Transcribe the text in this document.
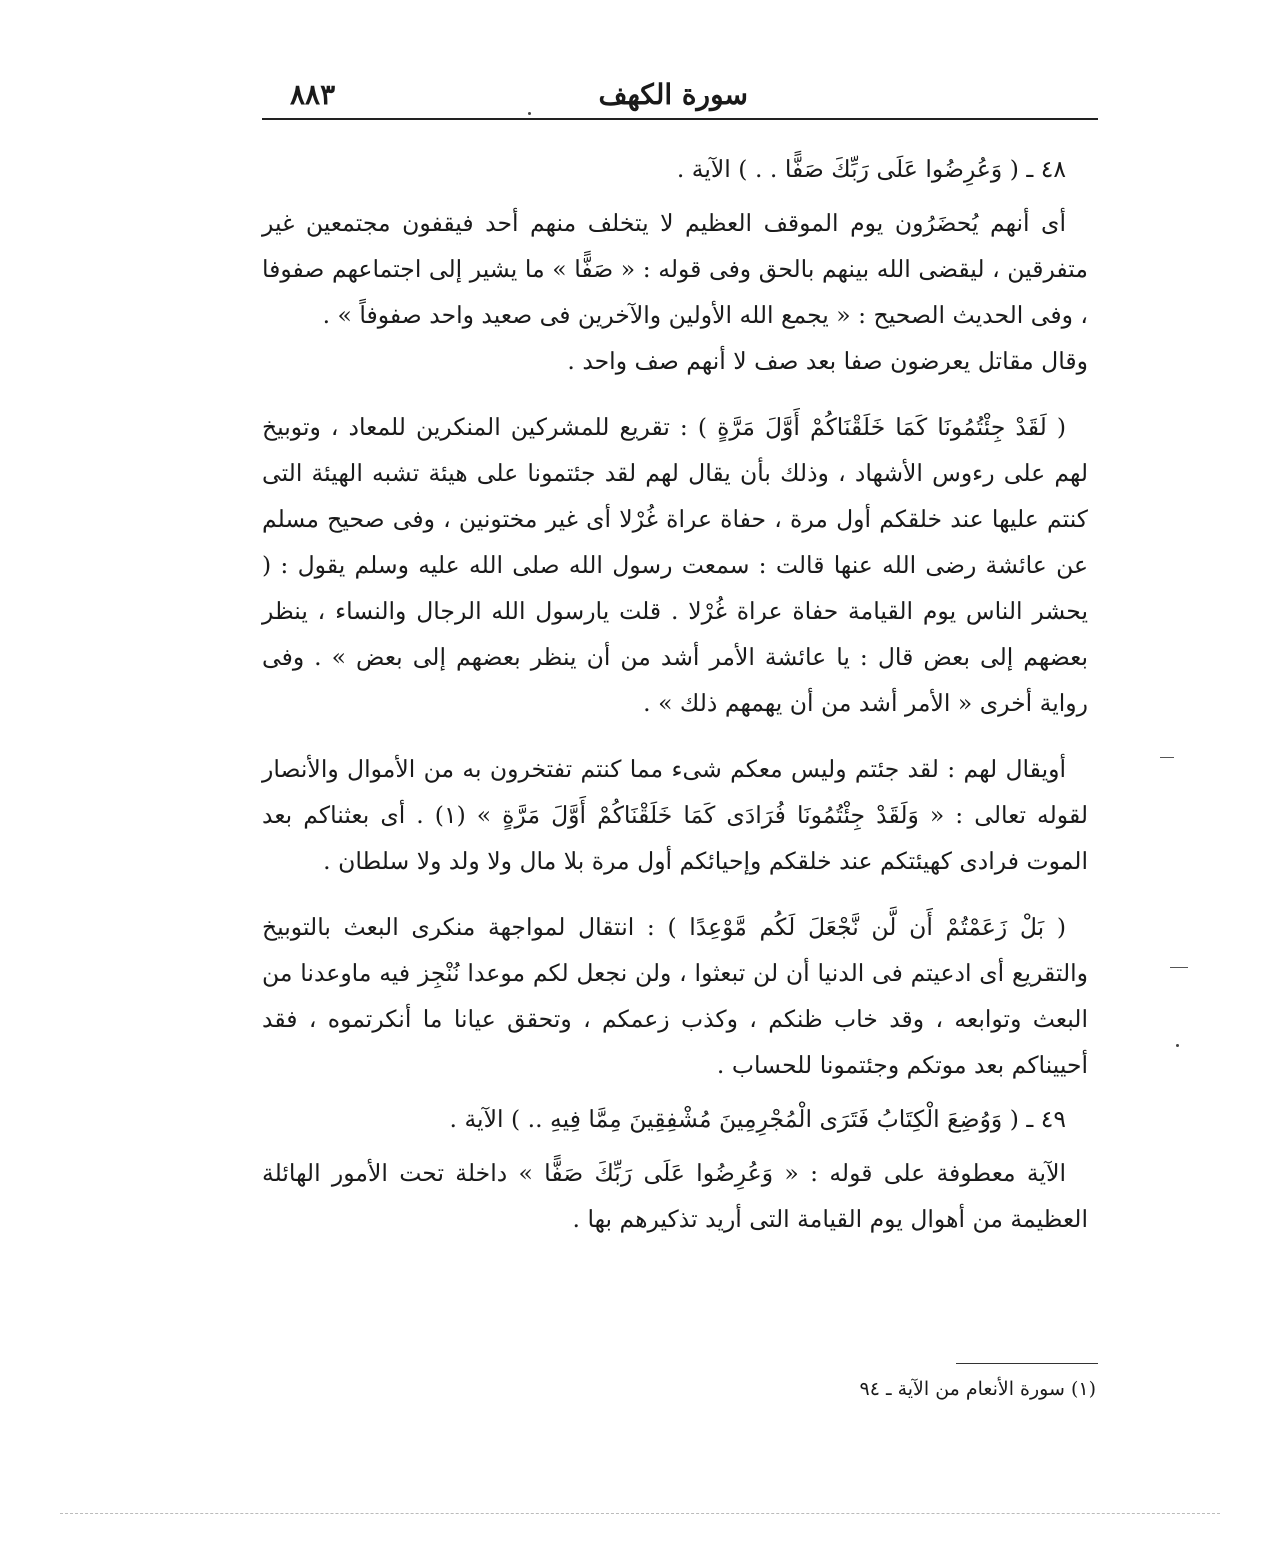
سورة الكهف
٨٨٣

٤٨ ـ ( وَعُرِضُوا عَلَى رَبِّكَ صَفًّا . . ) الآية .

أى أنهم يُحضَرُون يوم الموقف العظيم لا يتخلف منهم أحد فيقفون مجتمعين غير متفرقين ، ليقضى الله بينهم بالحق وفى قوله : « صَفًّا » ما يشير إلى اجتماعهم صفوفا ، وفى الحديث الصحيح : « يجمع الله الأولين والآخرين فى صعيد واحد صفوفاً » .

وقال مقاتل يعرضون صفا بعد صف لا أنهم صف واحد .

( لَقَدْ جِئْتُمُونَا كَمَا خَلَقْنَاكُمْ أَوَّلَ مَرَّةٍ ) : تقريع للمشركين المنكرين للمعاد ، وتوبيخ لهم على رءوس الأشهاد ، وذلك بأن يقال لهم لقد جئتمونا على هيئة تشبه الهيئة التى كنتم عليها عند خلقكم أول مرة ، حفاة عراة غُرْلا أى غير مختونين ، وفى صحيح مسلم عن عائشة رضى الله عنها قالت : سمعت رسول الله صلى الله عليه وسلم يقول : ( يحشر الناس يوم القيامة حفاة عراة غُرْلا . قلت يارسول الله الرجال والنساء ، ينظر بعضهم إلى بعض قال : يا عائشة الأمر أشد من أن ينظر بعضهم إلى بعض » . وفى رواية أخرى « الأمر أشد من أن يهمهم ذلك » .

أويقال لهم : لقد جئتم وليس معكم شىء مما كنتم تفتخرون به من الأموال والأنصار لقوله تعالى : « وَلَقَدْ جِئْتُمُونَا فُرَادَى كَمَا خَلَقْنَاكُمْ أَوَّلَ مَرَّةٍ » (١) . أى بعثناكم بعد الموت فرادى كهيئتكم عند خلقكم وإحيائكم أول مرة بلا مال ولا ولد ولا سلطان .

( بَلْ زَعَمْتُمْ أَن لَّن نَّجْعَلَ لَكُم مَّوْعِدًا ) : انتقال لمواجهة منكرى البعث بالتوبيخ والتقريع أى ادعيتم فى الدنيا أن لن تبعثوا ، ولن نجعل لكم موعدا نُنْجِز فيه ماوعدنا من البعث وتوابعه ، وقد خاب ظنكم ، وكذب زعمكم ، وتحقق عيانا ما أنكرتموه ، فقد أحييناكم بعد موتكم وجئتمونا للحساب .

٤٩ ـ ( وَوُضِعَ الْكِتَابُ فَتَرَى الْمُجْرِمِينَ مُشْفِقِينَ مِمَّا فِيهِ .. ) الآية .

الآية معطوفة على قوله : « وَعُرِضُوا عَلَى رَبِّكَ صَفًّا » داخلة تحت الأمور الهائلة العظيمة من أهوال يوم القيامة التى أريد تذكيرهم بها .

(١) سورة الأنعام من الآية ـ ٩٤
